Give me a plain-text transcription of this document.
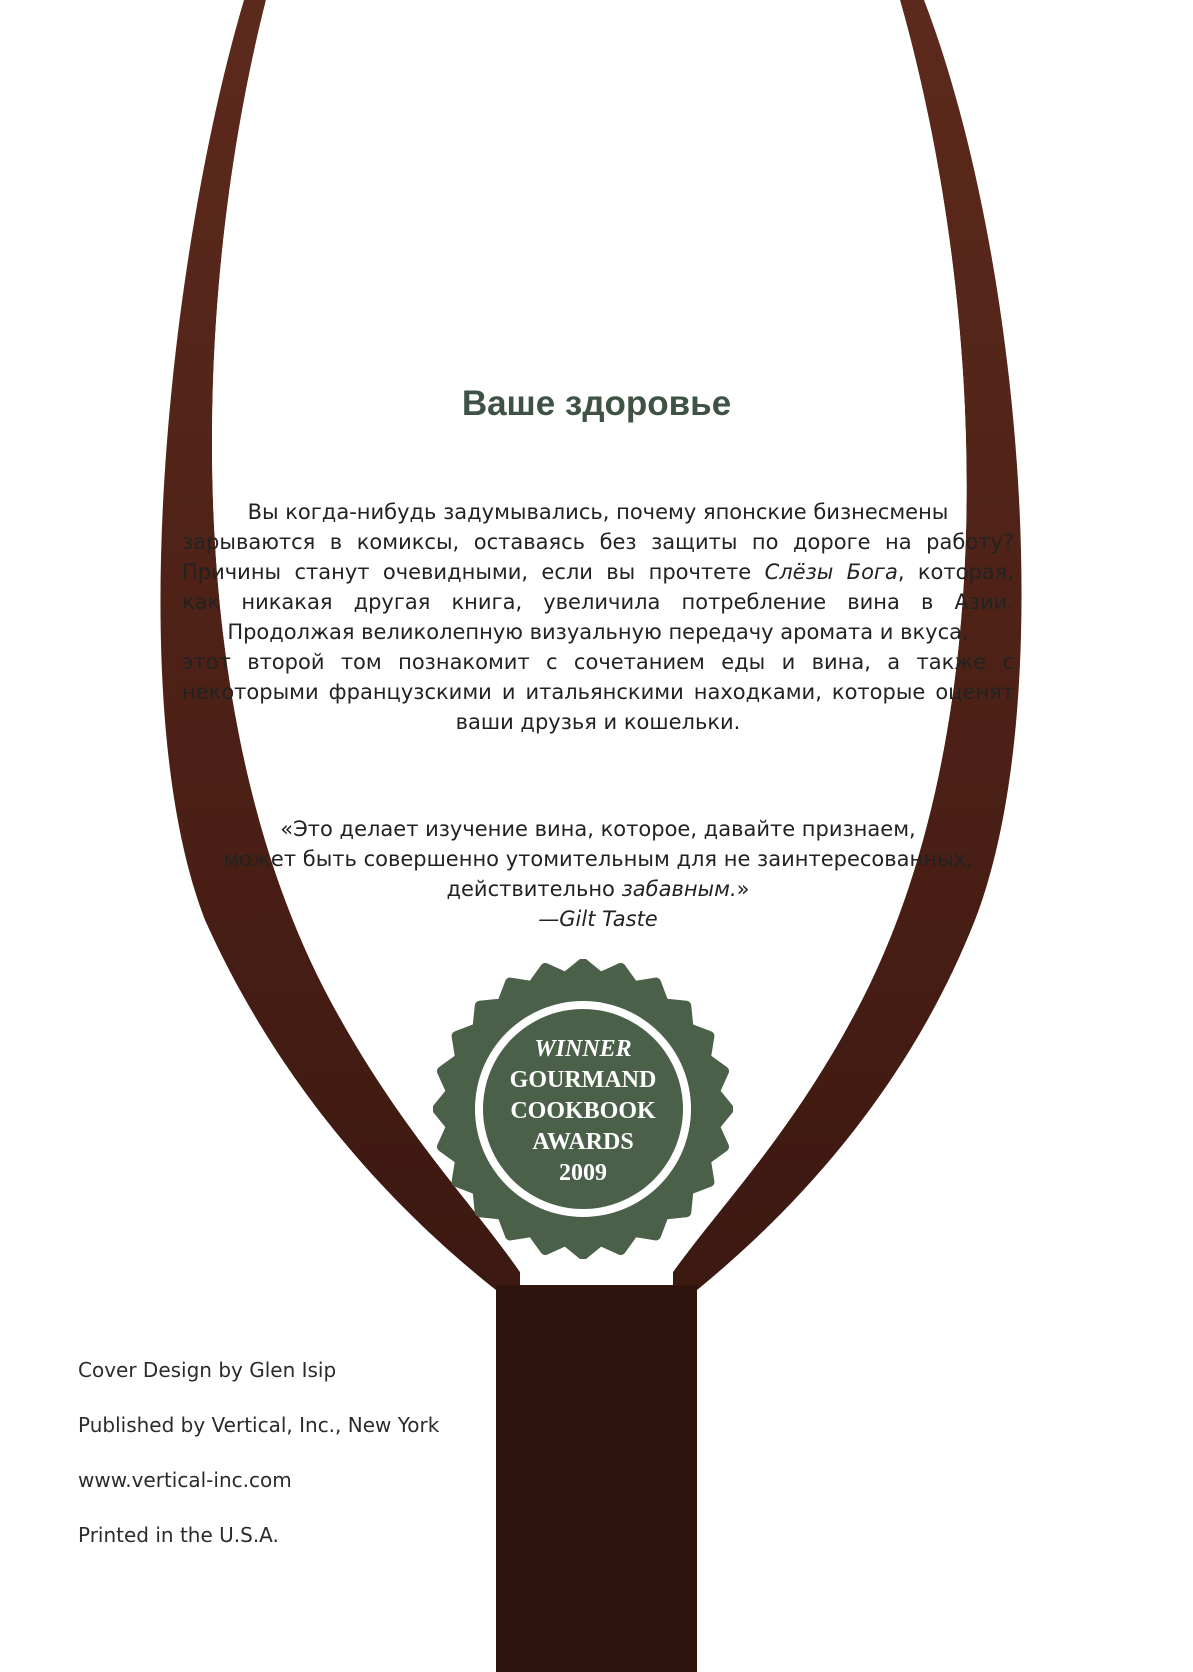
Ваше здоровье
Вы когда-нибудь задумывались, почему японские бизнесмены
зарываются в комиксы, оставаясь без защиты по дороге на работу?
Причины станут очевидными, если вы прочтете Слёзы Бога, которая,
как никакая другая книга, увеличила потребление вина в Азии.
Продолжая великолепную визуальную передачу аромата и вкуса,
этот второй том познакомит с сочетанием еды и вина, а также с
некоторыми французскими и итальянскими находками, которые оценят
ваши друзья и кошельки.
«Это делает изучение вина, которое, давайте признаем,
может быть совершенно утомительным для не заинтересованных,
действительно забавным.»
—Gilt Taste
WINNER
GOURMAND
COOKBOOK
AWARDS
2009
Cover Design by Glen Isip
Published by Vertical, Inc., New York
www.vertical-inc.com
Printed in the U.S.A.
